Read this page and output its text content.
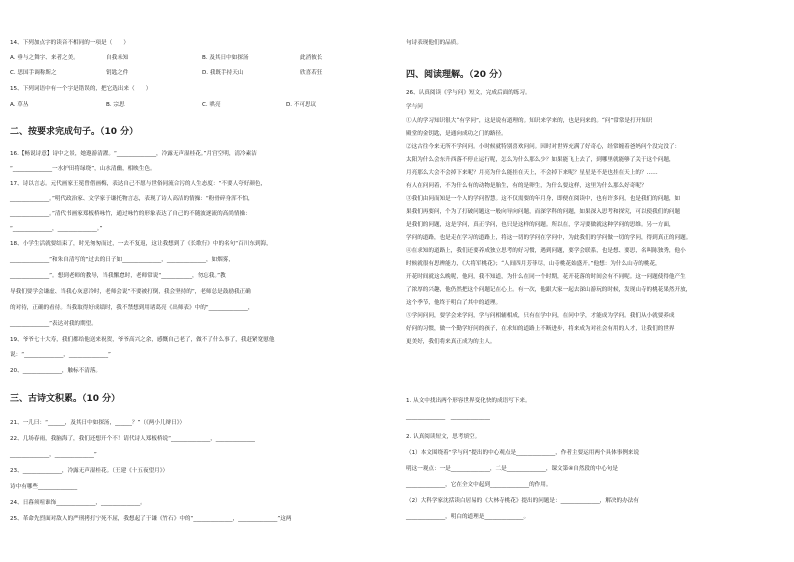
14、下列加点字的读音不相同的一项是（　　）
A. 垂与之舞字、来者之美。	自我未知	B. 及其日中如探汤	此消彼长
C. 思国手调称斯之	钥匙之件	D. 我既手持天山	欣喜若狂
15、下列词语中有一个字是错误的，把它选出来（　　）
A. 草丛	B. 宗思	C. 哄亮	D. 不可思议
二、按要求完成句子。（10 分）
16.【畅说诗意】诗中之景，她遨游清濯。“______________，冷露无声湿桂花。”月宫空明，清冷素洁
“______________一水护田将绿绕”，山水清幽，相映生色。
17、诗以言志。元代画家王冕曾借画梅，表达自己不愿与世俗同流合污的人生态度：“不要人夸好颜色，
______________。”明代政治家、文学家于谦托物言志，表现了诗人高洁的情操：“粉骨碎身浑不怕，
______________。”清代书画家郑板桥咏竹，通过咏竹的形象表达了自己的不随波逐流的高尚情操：
“______________，______________。”
18、小学生活就要结束了，时光匆匆而过，一去不复返，这让我想到了《长歌行》中的名句“百川东到海，
______________”和朱自清写的“过去的日子如______________，______________，如烟雾，
______________”。想到老师的教导，当我懈怠时，老师常说“___________，勿忘我。”教
导我们要学会谦虚、当我心灰意冷时，老师会说“不要被打倒，我会坚持的”，老师总是鼓励我正确
的对待，正确的看待。当我取得好成绩时，我不禁想到用诸葛亮《出师表》中的“______________，
______________”表达对我的期望。
19、爷爷七十大寿，我们都给他送来祝贺，爷爷高兴之余，感慨自己老了，做不了什么事了，我赶紧宽慰他
说：“______________，______________”
20、______________，触标不清落。
三、古诗文积累。（10 分）
21、一儿曰：“______，及其日中如探汤，______？”（《两小儿辩日》）
22、几场春雨，我脑海了，我们还想开个不！请代诗人郑板桥说“______________，______________
______________，______________”
23、______________，冷露无声湿桂花。（王建《十五夜望月》）
诗中有哪些______________
24、日暮须喧谁饰______________，______________。
25、革命先烈面对敌人的严刑拷打宁死不屈，我想起了于谦《竹石》中的“______________，______________”这两
句诗表现他们的品质。
四、阅读理解。（20 分）
26、认真阅读《学与问》短文，完成后面的练习。
学与问
①人的学习知识很大“有学问”，这是说有道理的。知识来学来的，也是问来的。“问”常常是打开知识
殿堂的金钥匙，是通向成功之门的路径。
②这古往今来无所不学问问。小时候就特别喜欢问问。因时对世界充满了好奇心，经常缠着爸妈问个没完没了：
太阳为什么会东升西落不停止运行呢，怎么为什么那么少？如果能飞上去了，到哪里就能够了关于这个问题，
月亮那么大会不会掉下来呢？月亮为什么能挂在天上，不会掉下来呢？星星是不是也挂在天上的？……
有人在问问着，不为什么有的动物是胎生，有的是卵生，为什么要这样，这里为什么那么好奇呢？
③我们由问而知是一个人的学问智慧。这不仅需要的年月身，即便在阅读中，也有许多问，也是我们的问题，如
果我们再要问，个为了打破问题这一般向导向问题，而深学科的问题，如果深入思考和探究，可以使我们的问题
是我们的问题，这是学问，真正学问，也只是这样的问题。所以在，学习要做就这种学问的思维。另一方面，
学问的道路，也是走在学习的道路上，将这一切的学问在学问中，为此我们的学问做一切的学问，得到真正的问题。
④在求知的道路上，我们还要养成独立思考的好习惯，遇到问题，要学会联系，也是想、要思，名叫陈独秀，他小
时候就很有思辨能力，《大将军桃花》；“人间四月芳菲尽，山寺桃花始盛开。”他想：为什么山寺的桃花，
开花时间就这么晚呢，他问，我不知道，为什么在同一个时期，花开花落的时间会有不同呢。这一问题使得他产生
了浓厚的兴趣，他仍然把这个问题记在心上。有一次，他跟大家一起去深山游玩的时候，发现山寺的桃花果然开放，
这个季节，他终于明白了其中的道理。
⑤学问问问，要学会来学问，学与问相辅相成，只有在学中问，在问中学，才能成为学问。我们从小就要养成
好问的习惯，做一个勤学好问的孩子，在求知的道路上不断进步，将来成为对社会有用的人才，让我们的世界
更美好，我们将来真正成为的主人。
1. 从文中找出两个形容世界变化快的成语写下来。
______________　______________
2. 认真阅读短文，思考填空。
（1）本文围绕着“学与问”提出的中心观点是______________，作者主要运用两个具体事例来说
明这一观点：一是______________，二是______________，课文第④自然段的中心句是
______________，它在全文中起到______________的作用。
（2）大科学家沈括读白居易的《大林寺桃花》提出的问题是：______________，解决的办法有
______________，明白的道理是______________。
